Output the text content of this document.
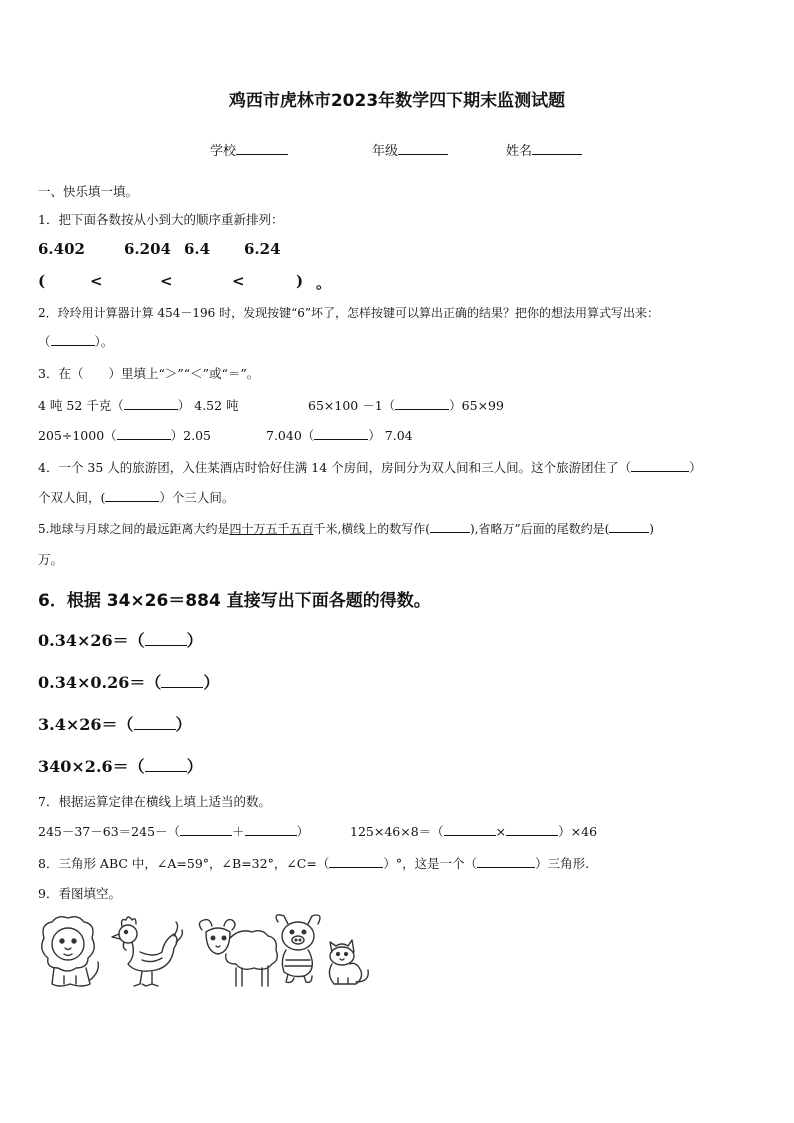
鸡西市虎林市2023年数学四下期末监测试题
学校	年级	姓名
一、快乐填一填。
1．把下面各数按从小到大的顺序重新排列：
6.402	6.204 6.4 6.24
(	<	<	<	) 。
2．玲玲用计算器计算 454－196 时，发现按键“6”坏了，怎样按键可以算出正确的结果？把你的想法用算式写出来：
（	）。
3．在（　　）里填上“＞”“＜”或“＝”。
4 吨 52 千克（	） 4.52 吨	65×100 －1（	）65×99
205÷1000（	）2.05	7.040（	） 7.04
4．一个 35 人的旅游团，入住某酒店时恰好住满 14 个房间，房间分为双人间和三人间。这个旅游团住了（	）
个双人间，(	）个三人间。
5.地球与月球之间的最远距离大约是四十万五千五百千米,横线上的数写作(	),省略万”后面的尾数约是(	)
万。
6．根据 34×26＝884 直接写出下面各题的得数。
0.34×26＝（	）
0.34×0.26＝（	）
3.4×26＝（	）
340×2.6＝（	）
7．根据运算定律在横线上填上适当的数。
245－37－63＝245－（	＋	）	125×46×8＝（	×	）×46
8．三角形 ABC 中，∠A=59°，∠B=32°，∠C=（	）°，这是一个（	）三角形.
9．看图填空。
